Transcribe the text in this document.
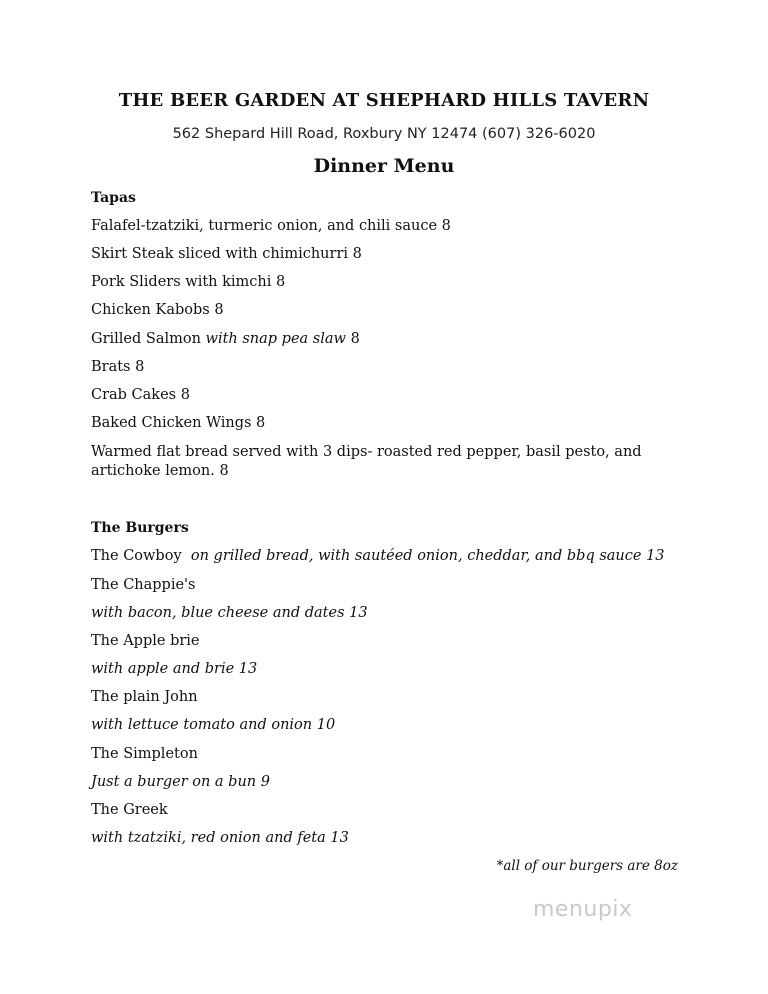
THE BEER GARDEN AT SHEPHARD HILLS TAVERN
562 Shepard Hill Road, Roxbury NY 12474 (607) 326-6020
Dinner Menu
Tapas
Falafel-tzatziki, turmeric onion, and chili sauce 8
Skirt Steak sliced with chimichurri 8
Pork Sliders with kimchi 8
Chicken Kabobs 8
Grilled Salmon with snap pea slaw 8
Brats 8
Crab Cakes 8
Baked Chicken Wings 8
Warmed flat bread served with 3 dips- roasted red pepper, basil pesto, and
artichoke lemon. 8
The Burgers
The Cowboy on grilled bread, with sautéed onion, cheddar, and bbq sauce 13
The Chappie's
with bacon, blue cheese and dates 13
The Apple brie
with apple and brie 13
The plain John
with lettuce tomato and onion 10
The Simpleton
Just a burger on a bun 9
The Greek
with tzatziki, red onion and feta 13
*all of our burgers are 8oz
menupix
